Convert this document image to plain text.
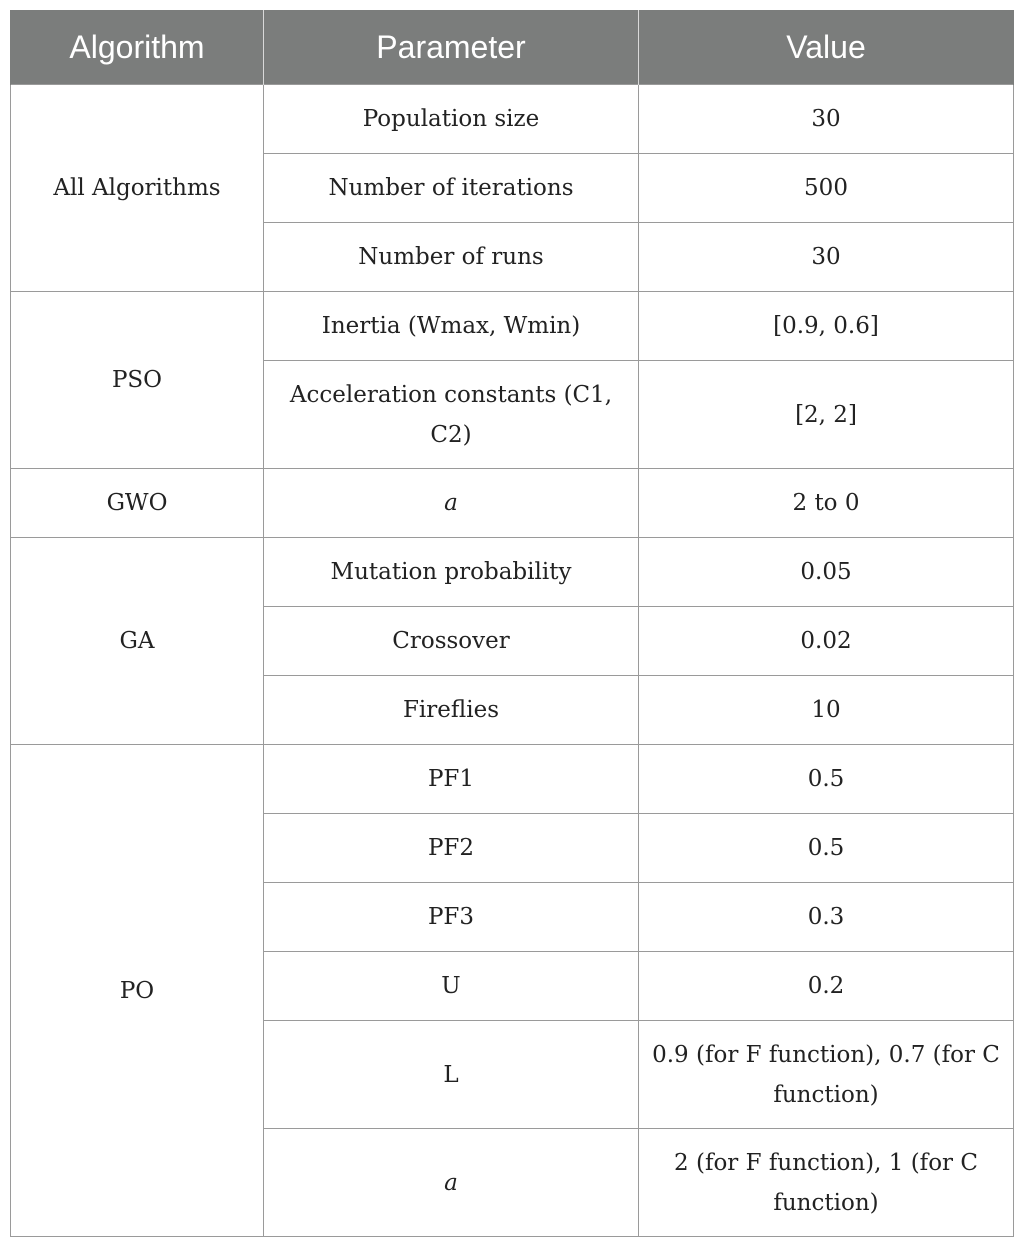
Algorithm	Parameter	Value
All Algorithms	Population size	30
	Number of iterations	500
	Number of runs	30
PSO	Inertia (Wmax, Wmin)	[0.9, 0.6]
	Acceleration constants (C1, C2)	[2, 2]
GWO	a	2 to 0
GA	Mutation probability	0.05
	Crossover	0.02
	Fireflies	10
PO	PF1	0.5
	PF2	0.5
	PF3	0.3
	U	0.2
	L	0.9 (for F function), 0.7 (for C function)
	a	2 (for F function), 1 (for C function)
